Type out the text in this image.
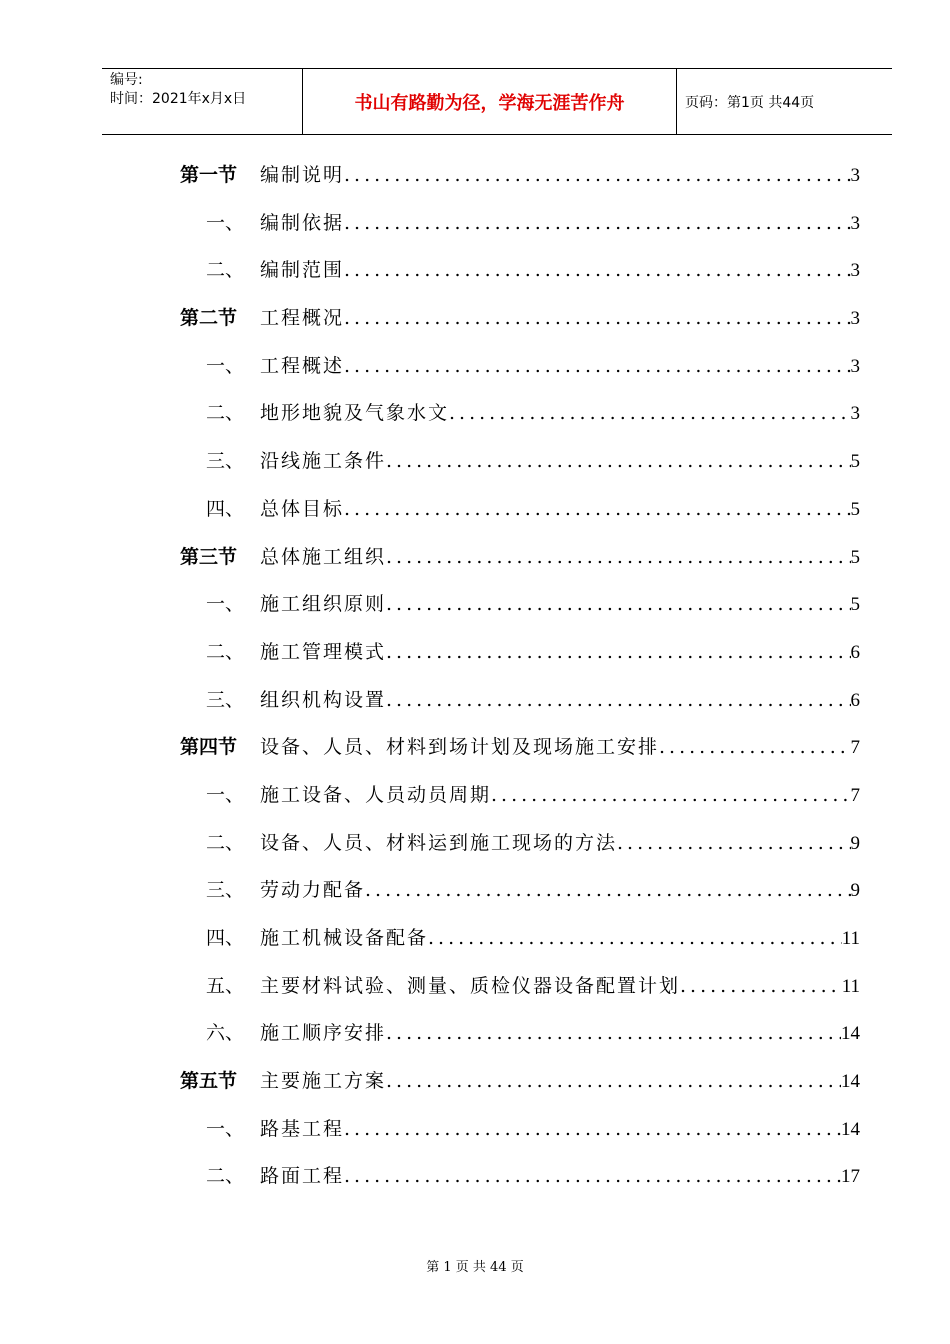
编号:
时间：2021年x月x日	书山有路勤为径，学海无涯苦作舟	页码：第1页 共44页
第一节	编制说明 .....	3
一、 编制依据 .....	3
二、 编制范围 .....	3
第二节	工程概况 .....	3
一、 工程概述 .....	3
二、 地形地貌及气象水文 .....	3
三、 沿线施工条件 .....	5
四、 总体目标 .....	5
第三节	总体施工组织 .....	5
一、 施工组织原则 .....	5
二、 施工管理模式 .....	6
三、 组织机构设置 .....	6
第四节	设备、人员、材料到场计划及现场施工安排 .....	7
一、 施工设备、人员动员周期 .....	7
二、 设备、人员、材料运到施工现场的方法 .....	9
三、 劳动力配备 .....	9
四、 施工机械设备配备 .....	11
五、 主要材料试验、测量、质检仪器设备配置计划 .....	11
六、 施工顺序安排 .....	14
第五节	主要施工方案 .....	14
一、 路基工程 .....	14
二、 路面工程 .....	17
第 1 页 共 44 页
